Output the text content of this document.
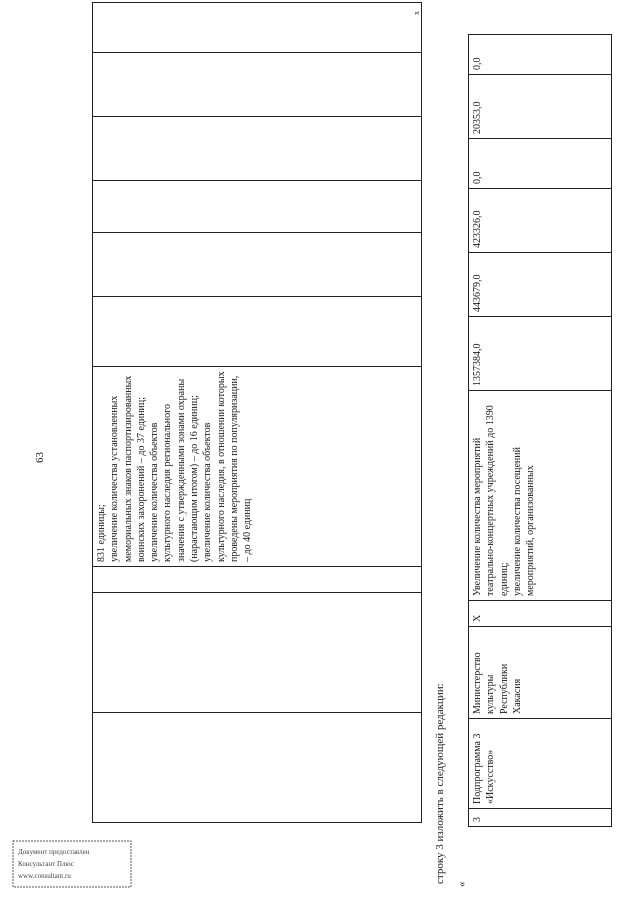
63
x
			831 единицы;
увеличение количества установленных мемориальных знаков паспортизированных воинских захоронений – до 37 единиц;
увеличение количества объектов культурного наследия регионального значения с утвержденными зонами охраны (нарастающим итогом) – до 16 единиц;
увеличение количества объектов культурного наследия, в отношении которых проведены мероприятия по популяризации, – до 40 единиц						
строку 3 изложить в следующей редакции:
«
3	Подпрограмма 3 «Искусство»	Министерство культуры Республики Хакасия	X	Увеличение количества мероприятий театрально-концертных учреждений до 1390 единиц;
увеличение количества посещений мероприятий, организованных	1357384,0	443679,0	423326,0	0,0	20353,0	0,0
Документ предоставлен
Консультант Плюс
www.consultant.ru
